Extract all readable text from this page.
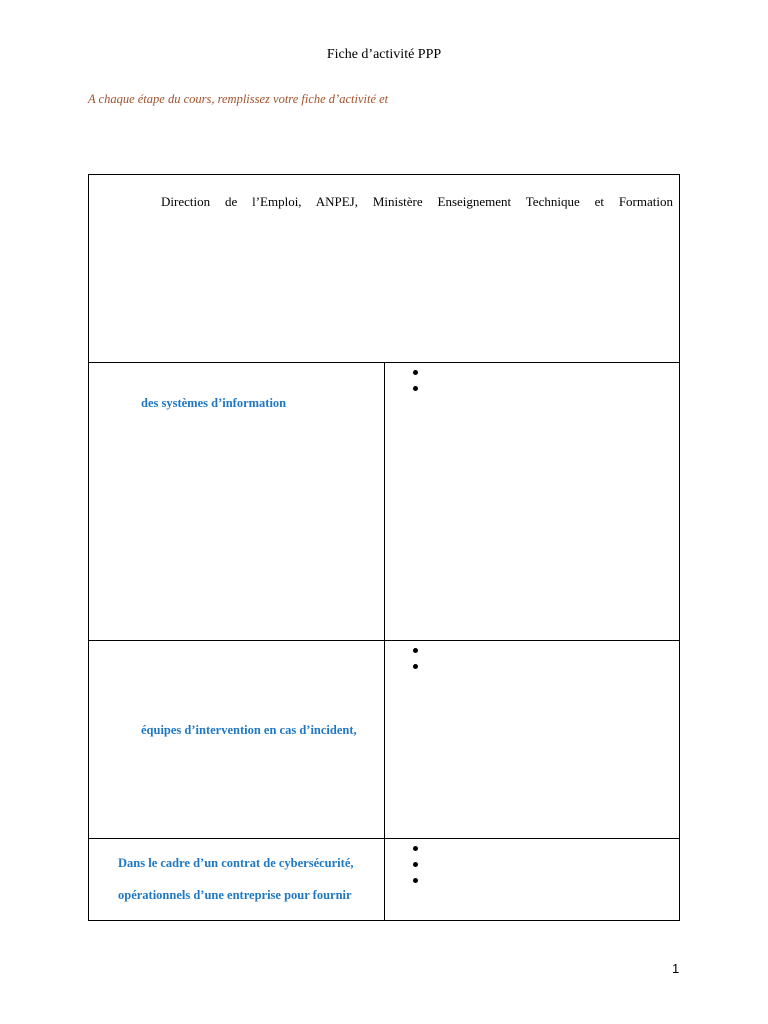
Fiche d’activité PPP
A chaque étape du cours, remplissez votre fiche d’activité et
Direction de l’Emploi, ANPEJ, Ministère Enseignement Technique et Formation
des systèmes d’information
équipes d’intervention en cas d’incident,
Dans le cadre d’un contrat de cybersécurité,
opérationnels d’une entreprise pour fournir
1
